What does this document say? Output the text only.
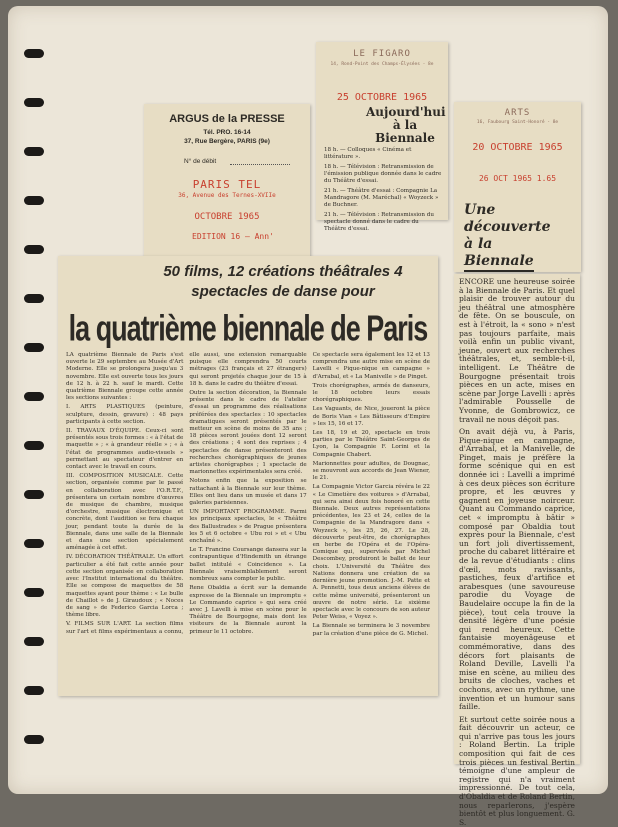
ARGUS de la PRESSE
Tél. PRO. 16-14
37, Rue Bergère, PARIS (9e)
N° de débit
PARIS TEL
36, Avenue des Ternes-XVIIe
OCTOBRE 1965
EDITION 16 – Ann'
LE FIGARO
14, Rond-Point des Champs-Élysées - 8e
25 OCTOBRE 1965
Aujourd'hui
à la Biennale
18 h. — Colloques « Cinéma et littérature ».
18 h. — Télévision : Retransmission de l'émission publique donnée dans le cadre du Théâtre d'essai.
21 h. — Théâtre d'essai : Compagnie La Mandragore (M. Maréchal) « Woyzeck » de Buchner.
21 h. — Télévision : Retransmission du spectacle donné dans le cadre du Théâtre d'essai.
ARTS
16, Faubourg Saint-Honoré - 8e
20 OCTOBRE 1965
26 OCT 1965 1.65
Une
découverte
à la
Biennale

ENCORE une heureuse soirée à la Biennale de Paris. Et quel plaisir de trouver autour du jeu théâtral une atmosphère de fête. On se bouscule, on est à l'étroit, la « sono » n'est pas toujours parfaite, mais voilà enfin un public vivant, jeune, ouvert aux recherches théâtrales, et, semble-t-il, intelligent. Le Théâtre de Bourgogne présentait trois pièces en un acte, mises en scène par Jorge Lavelli : après l'admirable Pousselle de Yvonne, de Gombrowicz, ce travail ne nous déçoit pas.

On avait déjà vu, à Paris, Pique-nique en campagne, d'Arrabal, et la Manivelle, de Pinget, mais je préfère la forme scénique qui en est donnée ici : Lavelli a imprimé à ces deux pièces son écriture propre, et les œuvres y gagnent en joyeuse noirceur. Quant au Commando caprice, cet « impromptu à bâtir » composé par Obaldia tout exprès pour la Biennale, c'est un fort joli divertissement, proche du cabaret littéraire et de la revue d'étudiants : clins d'œil, mots ravissants, pastiches, feux d'artifice et arabesques (une savoureuse parodie du Voyage de Baudelaire occupe la fin de la pièce), tout cela trouve la densité légère d'une poésie qui rend heureux. Cette fantaisie moyenâgeuse et commémorative, dans des décors fort plaisants de Roland Deville, Lavelli l'a mise en scène, au milieu des bruits de cloches, vaches et cochons, avec un rythme, une invention et un humour sans faille.

Et surtout cette soirée nous a fait découvrir un acteur, ce qui n'arrive pas tous les jours : Roland Bertin. La triple composition qui fait de ces trois pièces un festival Bertin témoigne d'une ampleur de registre qui n'a vraiment impressionné. De tout cela, d'Obaldia et de Roland Bertin, nous reparlerons, j'espère bientôt et plus longuement. G. S.

50 films, 12 créations théâtrales 4 spectacles de danse pour
la quatrième biennale de Paris

LA quatrième Biennale de Paris s'est ouverte le 29 septembre au Musée d'Art Moderne. Elle se prolongera jusqu'au 3 novembre. Elle est ouverte tous les jours de 12 h. à 22 h. sauf le mardi. Cette quatrième Biennale groupe cette année les sections suivantes :

I. ARTS PLASTIQUES (peinture, sculpture, dessin, gravure) : 48 pays participants à cette section.

II. TRAVAUX D'ÉQUIPE. Ceux-ci sont présentés sous trois formes : « à l'état de maquette » ; « à grandeur réelle » ; « à l'état de programmes audio-visuels » permettant au spectateur d'entrer en contact avec le travail en cours.

III. COMPOSITION MUSICALE. Cette section, organisée comme par le passé en collaboration avec l'O.R.T.F., présentera un certain nombre d'œuvres de musique de chambre, musique d'orchestre, musique électronique et concrète, dont l'audition se fera chaque jour, pendant toute la durée de la Biennale, dans une salle de la Biennale et dans une section spécialement aménagée à cet effet.

IV. DÉCORATION THÉÂTRALE. Un effort particulier a été fait cette année pour cette section organisée en collaboration avec l'Institut international du théâtre. Elle se compose de maquettes de 58 maquettes ayant pour thème : « Le bulle de Chaillot » de J. Giraudoux ; « Noces de sang » de Federico Garcia Lorca ; thème libre.

V. FILMS SUR L'ART. La section films sur l'art et films expérimentaux a connu, elle aussi, une extension remarquable puisque elle comprendra 50 courts métrages (23 français et 27 étrangers) qui seront projetés chaque jour de 15 à 18 h. dans le cadre du théâtre d'essai.

Outre la section décoration, la Biennale présente dans le cadre de l'atelier d'essai un programme des réalisations préférées des spectacles : 10 spectacles dramatiques seront présentés par le metteur en scène de moins de 35 ans ; 18 pièces seront jouées dont 12 seront des créations ; 4 sont des reprises ; 4 spectacles de danse présenteront des recherches chorégraphiques de jeunes artistes chorégraphes ; 1 spectacle de marionnettes expérimentales sera créé.

Notons enfin que la exposition se rattachant à la Biennale sur leur thème. Elles ont lieu dans un musée et dans 17 galeries parisiennes.

UN IMPORTANT PROGRAMME. Parmi les principaux spectacles, le « Théâtre des Ballustrades » de Prague présentera les 5 et 6 octobre « Ubu roi » et « Ubu enchaîné ».

Le T. Francine Coursange dansera sur la contrapuntique d'Hindemith un étrange ballet intitulé « Coincidence ». La Biennale vraisemblablement seront nombreux sans compter le public.

Rene Obaldia a écrit sur la demande expresse de la Biennale un impromptu « Le Commando caprice » qui sera créé avec J. Lavelli à mise en scène pour le Théâtre de Bourgogne, mais dont les visiteurs de la Biennale auront la primeur le 11 octobre.

Ce spectacle sera également les 12 et 13 comprendra une autre mise en scène de Lavelli « Pique-nique en campagne » d'Arrabal, et « La Manivelle » de Pinget.

Trois chorégraphes, armés de danseurs, le 18 octobre leurs essais chorégraphiques.

Les Vaguants, de Nice, joueront la pièce de Boris Vian « Les Bâtisseurs d'Empire » les 15, 16 et 17.

Les 18, 19 et 20, spectacle en trois parties par le Théâtre Saint-Georges de Lyon, la Compagnie F. Lorini et la Compagnie Chabert.

Marionnettes pour adultes, de Dougnac, se mouvront aux accords de Jean Wiener, le 21.

La Compagnie Victor Garcia révéra le 22 « Le Cimetière des voitures » d'Arrabal, qui sera ainsi deux fois honoré en cette Biennale. Deux autres représentations précédentes, les 23 et 24, celles de la Compagnie de la Mandragore dans « Woyzeck », les 25, 26, 27. Le 28, découverte peut-être, de chorégraphes en herbe de l'Opéra et de l'Opéra-Comique qui, supervisés par Michel Descombey, produiront le ballet de leur choix. L'Université du Théâtre des Nations donnera une création de sa dernière jeune promotion. J.-M. Patte et A. Pennetti, tous deux anciens élèves de cette même université, présenteront un œuvre de notre série. Le sixième spectacle avec le concours de son auteur Peter Weiss, « Voyez ».

La Biennale se terminera le 3 novembre par la création d'une pièce de G. Michel.
